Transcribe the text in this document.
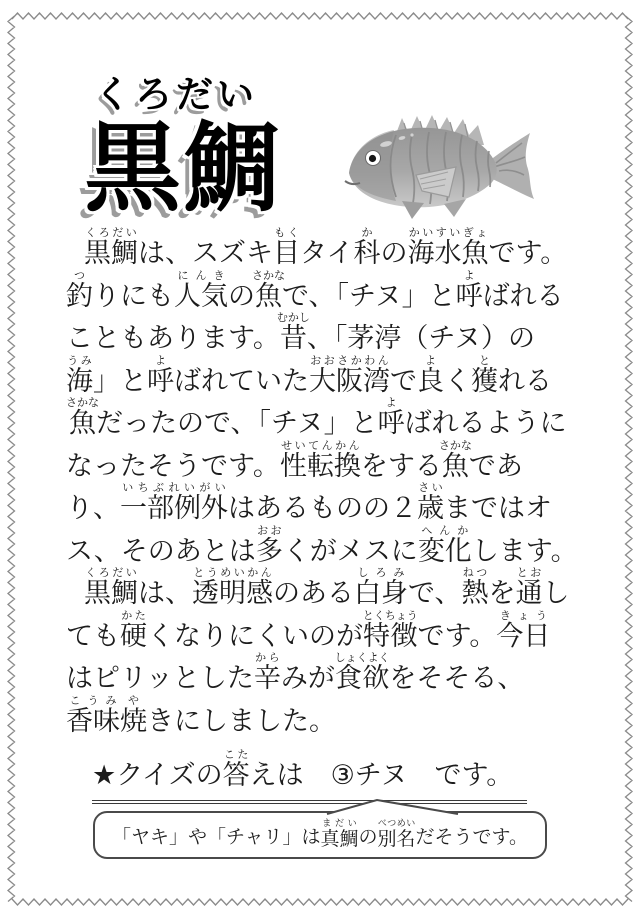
くろだい
黒鯛
黒鯛くろだいは、スズキ目もくタイ科かの海水魚かいすいぎょです。
釣つりにも人気にんきの魚さかなで、「チヌ」と呼よばれる
こともあります。昔むかし、「茅渟（チヌ）の
海うみ」と呼よばれていた大阪湾おおさかわんで良よく獲とれる
魚さかなだったので、「チヌ」と呼よばれるように
なったそうです。性転換せいてんかんをする魚さかなであ
り、一部例外いちぶれいがいはあるものの２歳さいまではオ
ス、そのあとは多おおくがメスに変化へんかします。
黒鯛くろだいは、透明感とうめいかんのある白身しろみで、熱ねつを通とおし
ても硬かたくなりにくいのが特徴とくちょうです。今日きょう
はピリッとした辛からみが食欲しょくよくをそそる、
香味こうみ焼やきにしました。
★クイズの答こたえは　③チヌ　です。
「ヤキ」や「チャリ」は 真鯛まだい
の 別名べつめい
だそうです。
